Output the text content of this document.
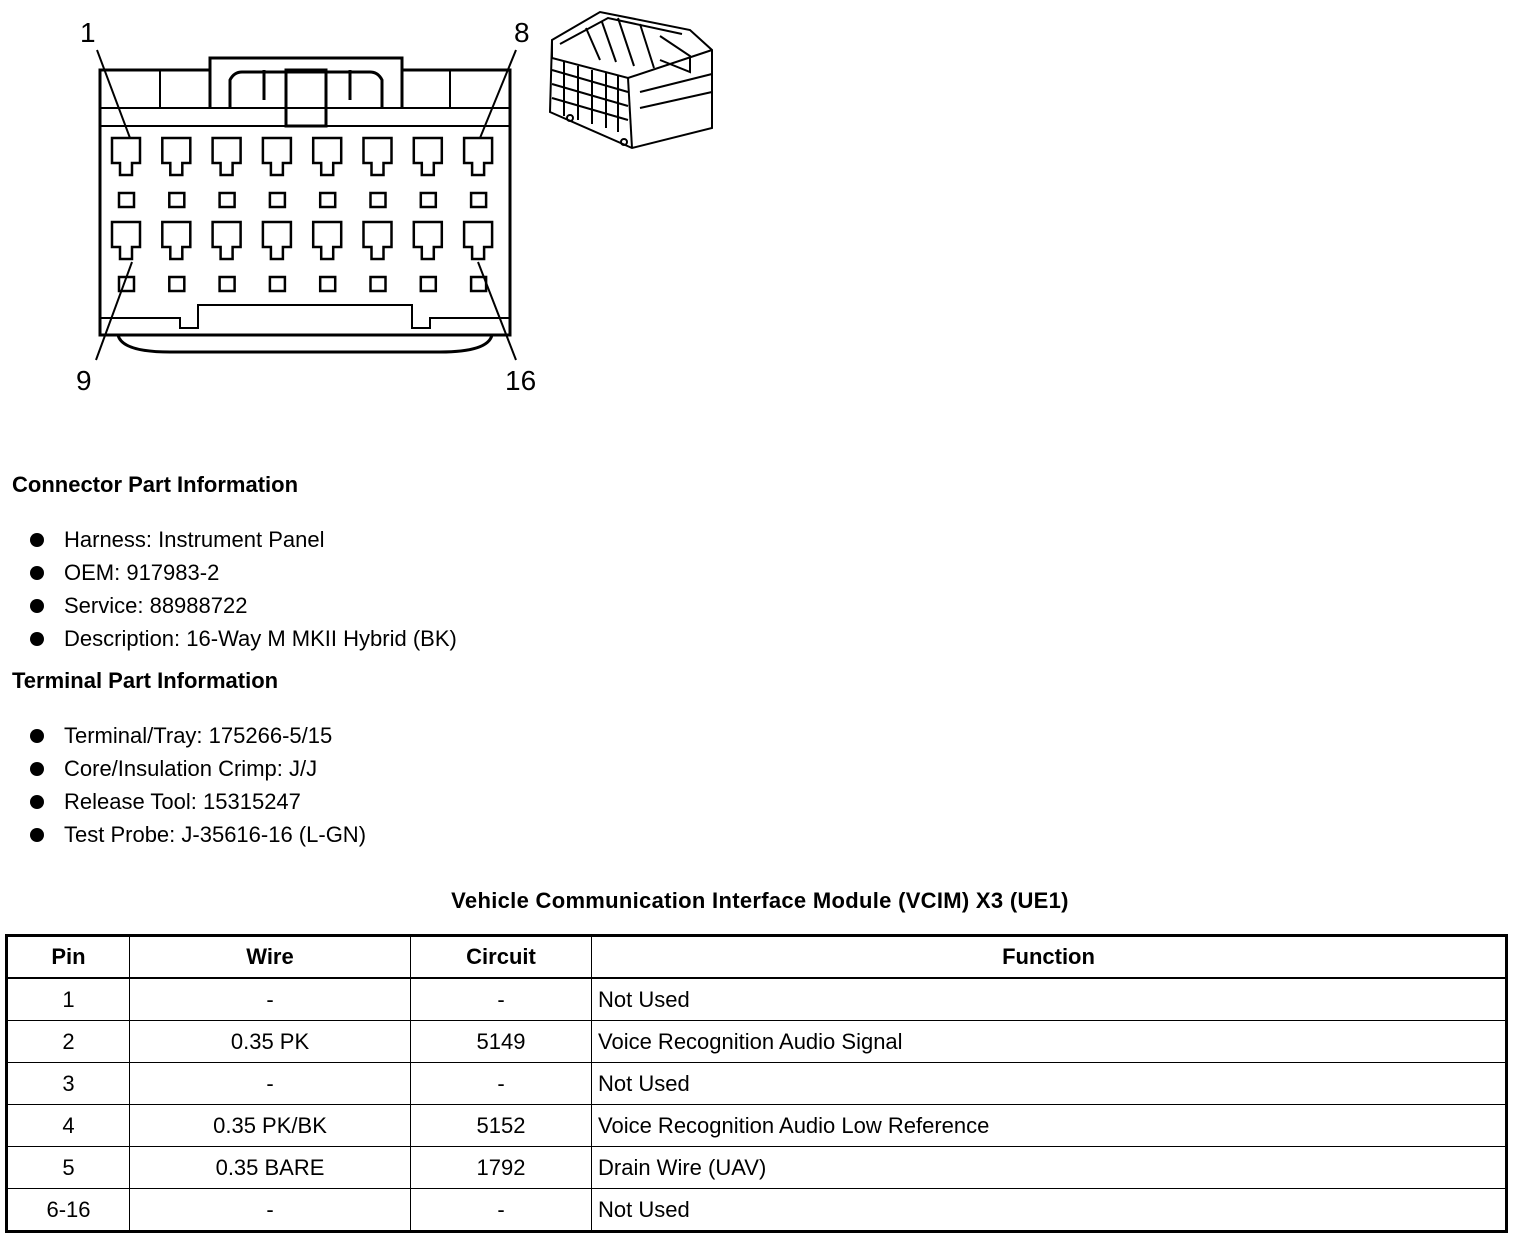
1	8
9	16
Connector Part Information
Harness: Instrument Panel
OEM: 917983-2
Service: 88988722
Description: 16-Way M MKII Hybrid (BK)
Terminal Part Information
Terminal/Tray: 175266-5/15
Core/Insulation Crimp: J/J
Release Tool: 15315247
Test Probe: J-35616-16 (L-GN)
Vehicle Communication Interface Module (VCIM) X3 (UE1)
Pin	Wire	Circuit	Function
1	-	-	Not Used
2	0.35 PK	5149	Voice Recognition Audio Signal
3	-	-	Not Used
4	0.35 PK/BK	5152	Voice Recognition Audio Low Reference
5	0.35 BARE	1792	Drain Wire (UAV)
6-16	-	-	Not Used
